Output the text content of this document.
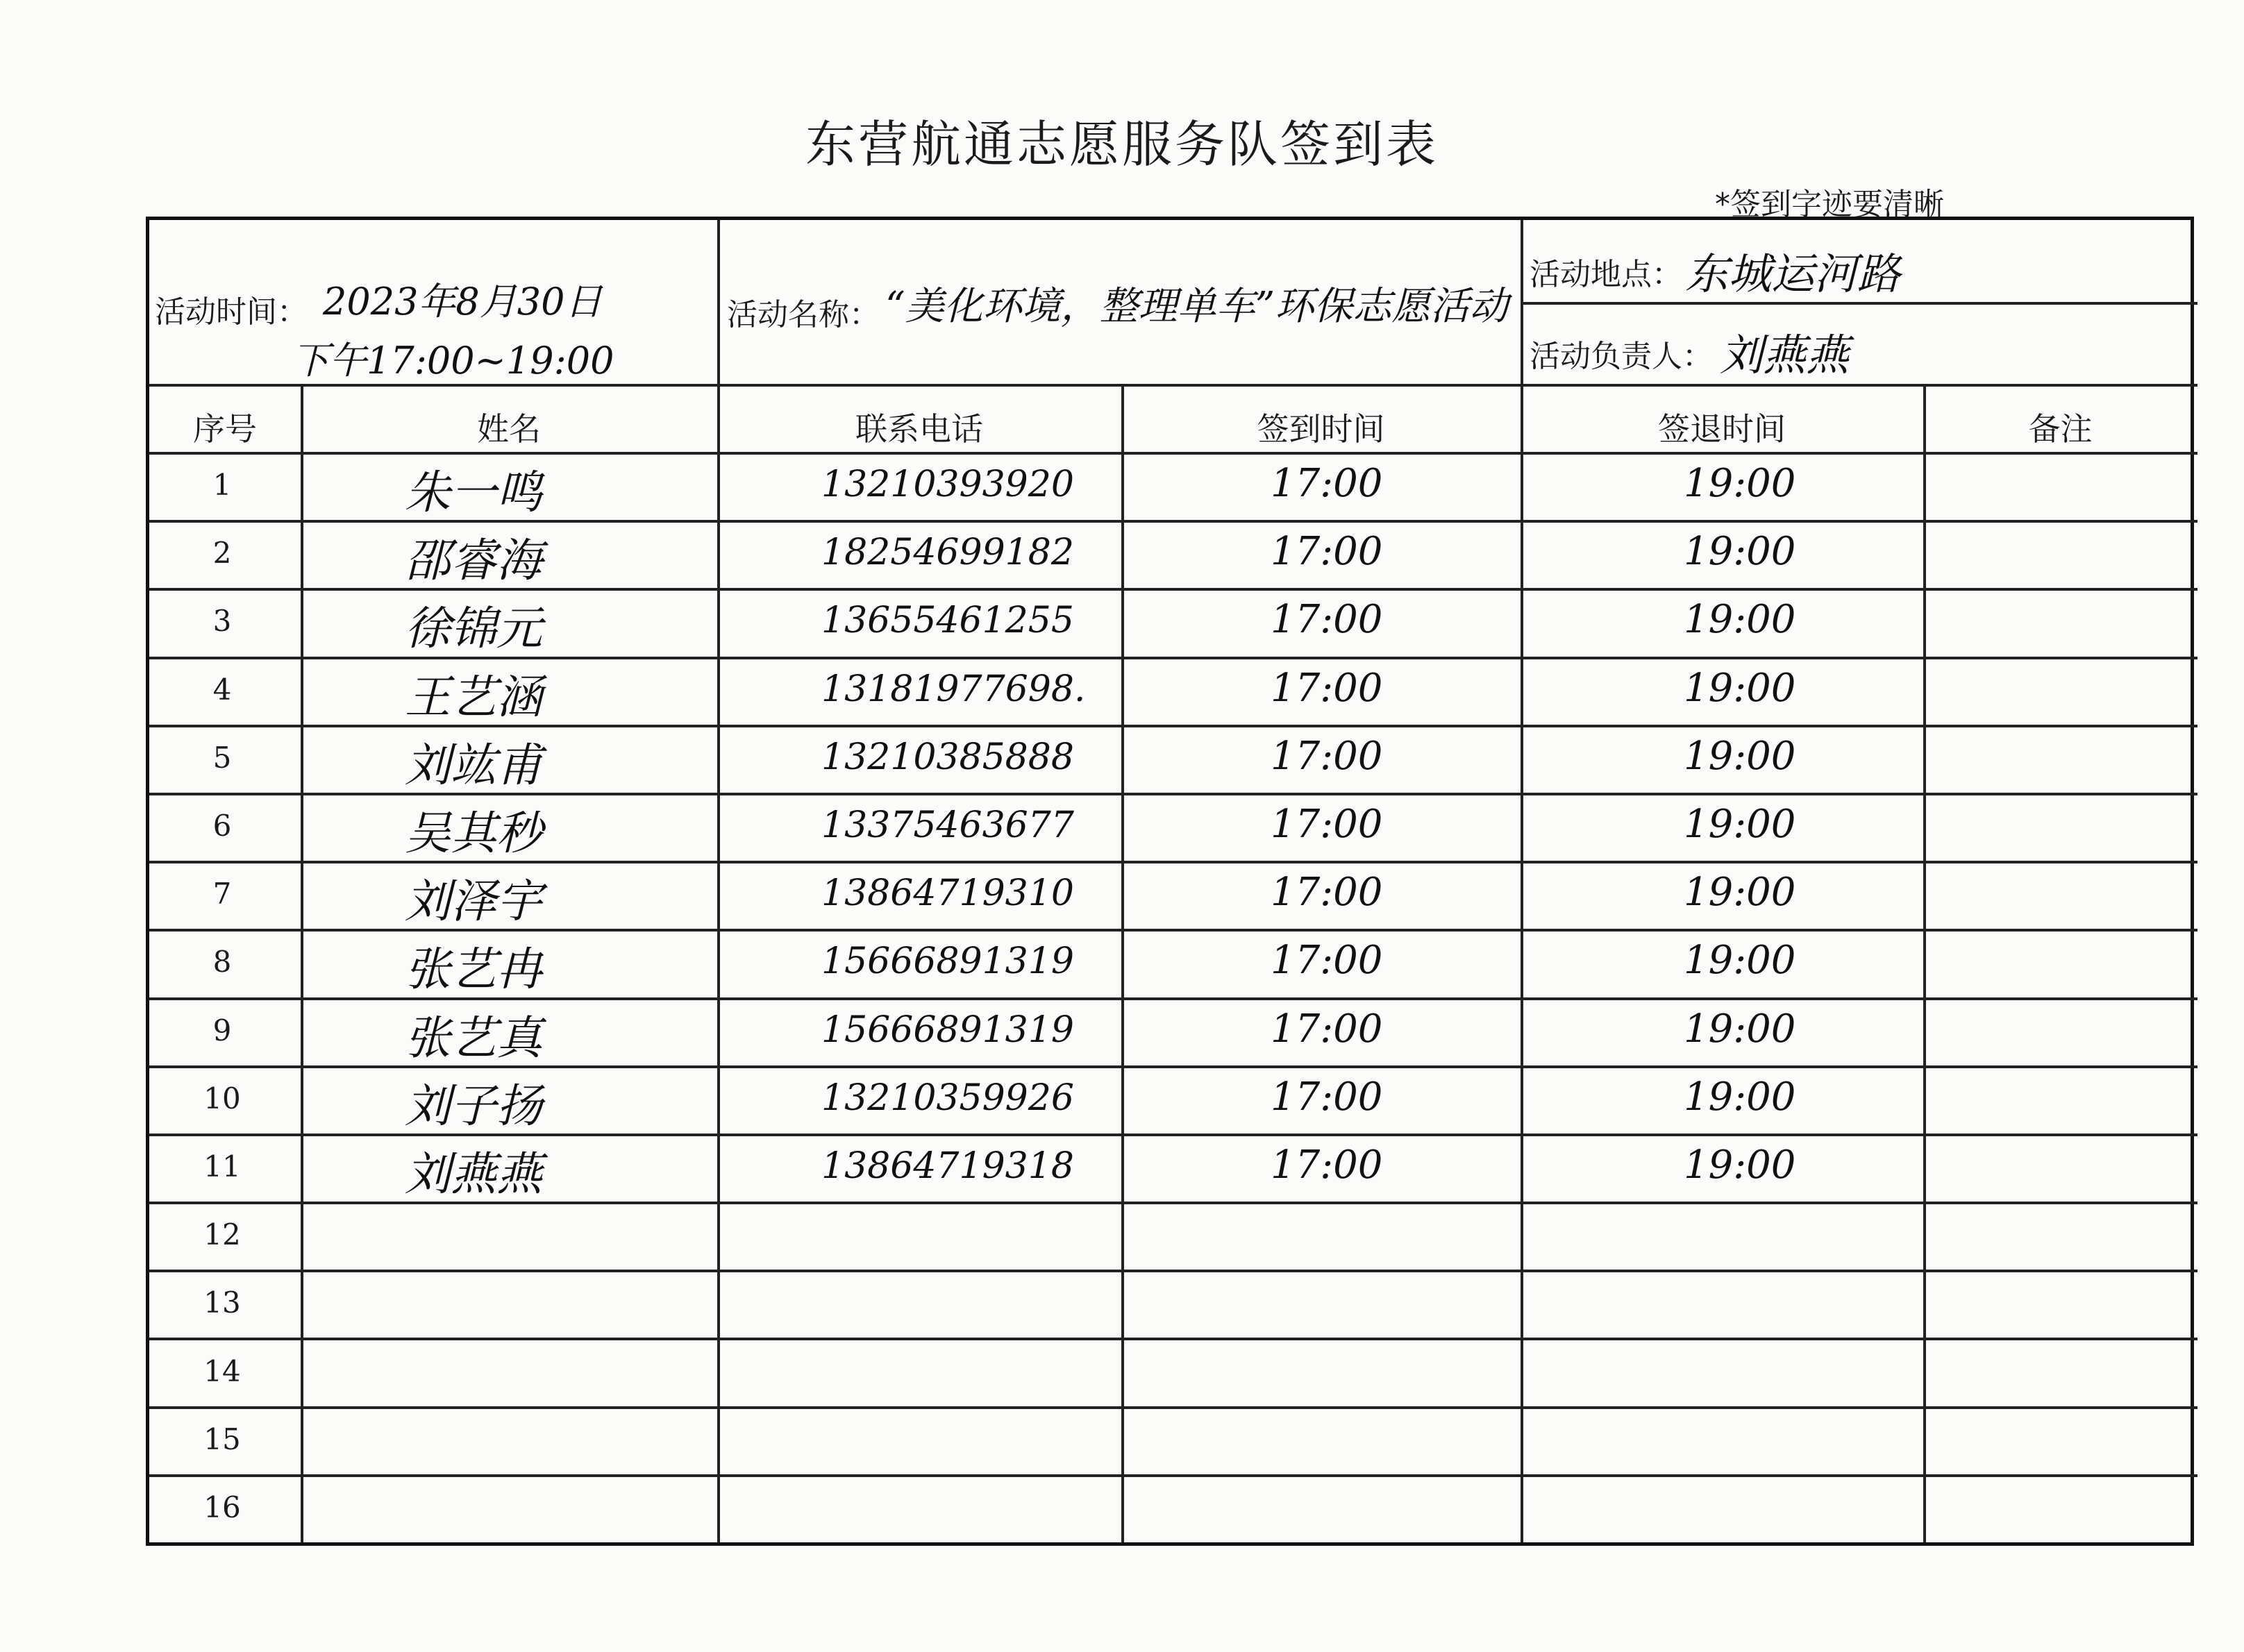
东营航通志愿服务队签到表
*签到字迹要清晰
活动时间： 2023年8月30日
下午17:00~19:00
活动名称： “美化环境，整理单车”环保志愿活动
活动地点： 东城运河路
活动负责人： 刘燕燕
序号	姓名	联系电话	签到时间	签退时间	备注
1	朱一鸣	13210393920	17:00	19:00
2	邵睿海	18254699182	17:00	19:00
3	徐锦元	13655461255	17:00	19:00
4	王艺涵	13181977698.	17:00	19:00
5	刘竑甫	13210385888	17:00	19:00
6	吴其秒	13375463677	17:00	19:00
7	刘泽宇	13864719310	17:00	19:00
8	张艺冉	15666891319	17:00	19:00
9	张艺真	15666891319	17:00	19:00
10	刘子扬	13210359926	17:00	19:00
11	刘燕燕	13864719318	17:00	19:00
12
13
14
15
16
